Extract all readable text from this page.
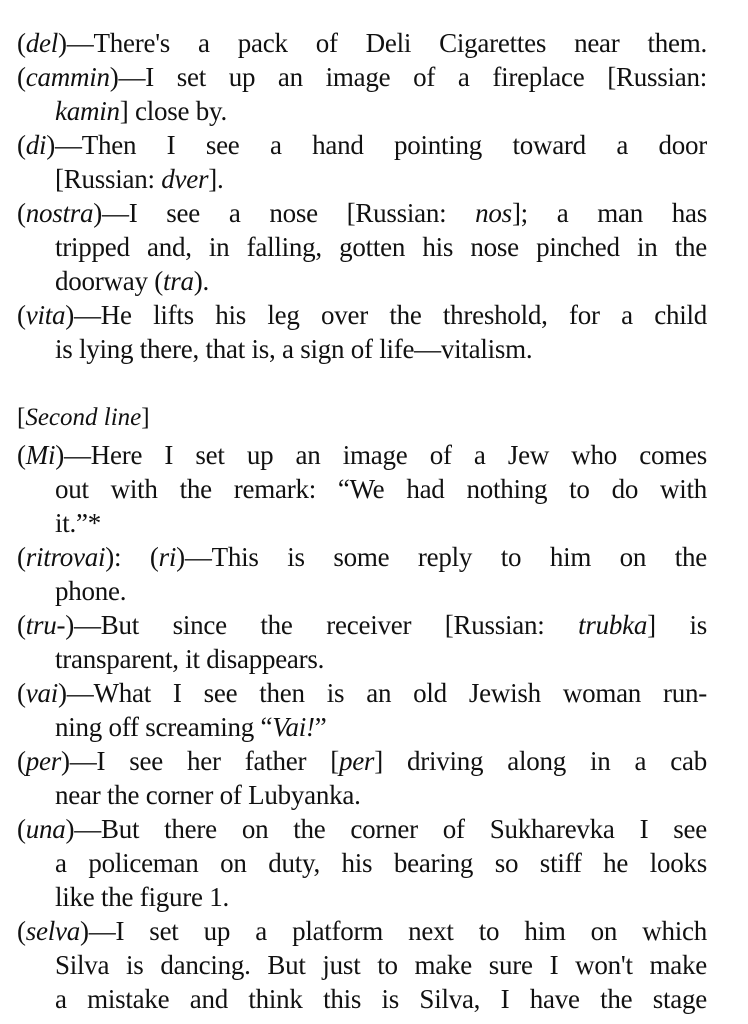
(del)—There's a pack of Deli Cigarettes near them.
(cammin)—I set up an image of a fireplace [Russian:
kamin] close by.
(di)—Then I see a hand pointing toward a door
[Russian: dver].
(nostra)—I see a nose [Russian: nos]; a man has
tripped and, in falling, gotten his nose pinched in the
doorway (tra).
(vita)—He lifts his leg over the threshold, for a child
is lying there, that is, a sign of life—vitalism.
[Second line]
(Mi)—Here I set up an image of a Jew who comes
out with the remark: “We had nothing to do with
it.”*
(ritrovai): (ri)—This is some reply to him on the
phone.
(tru-)—But since the receiver [Russian: trubka] is
transparent, it disappears.
(vai)—What I see then is an old Jewish woman run-
ning off screaming “Vai!”
(per)—I see her father [per] driving along in a cab
near the corner of Lubyanka.
(una)—But there on the corner of Sukharevka I see
a policeman on duty, his bearing so stiff he looks
like the figure 1.
(selva)—I set up a platform next to him on which
Silva is dancing. But just to make sure I won't make
a mistake and think this is Silva, I have the stage
